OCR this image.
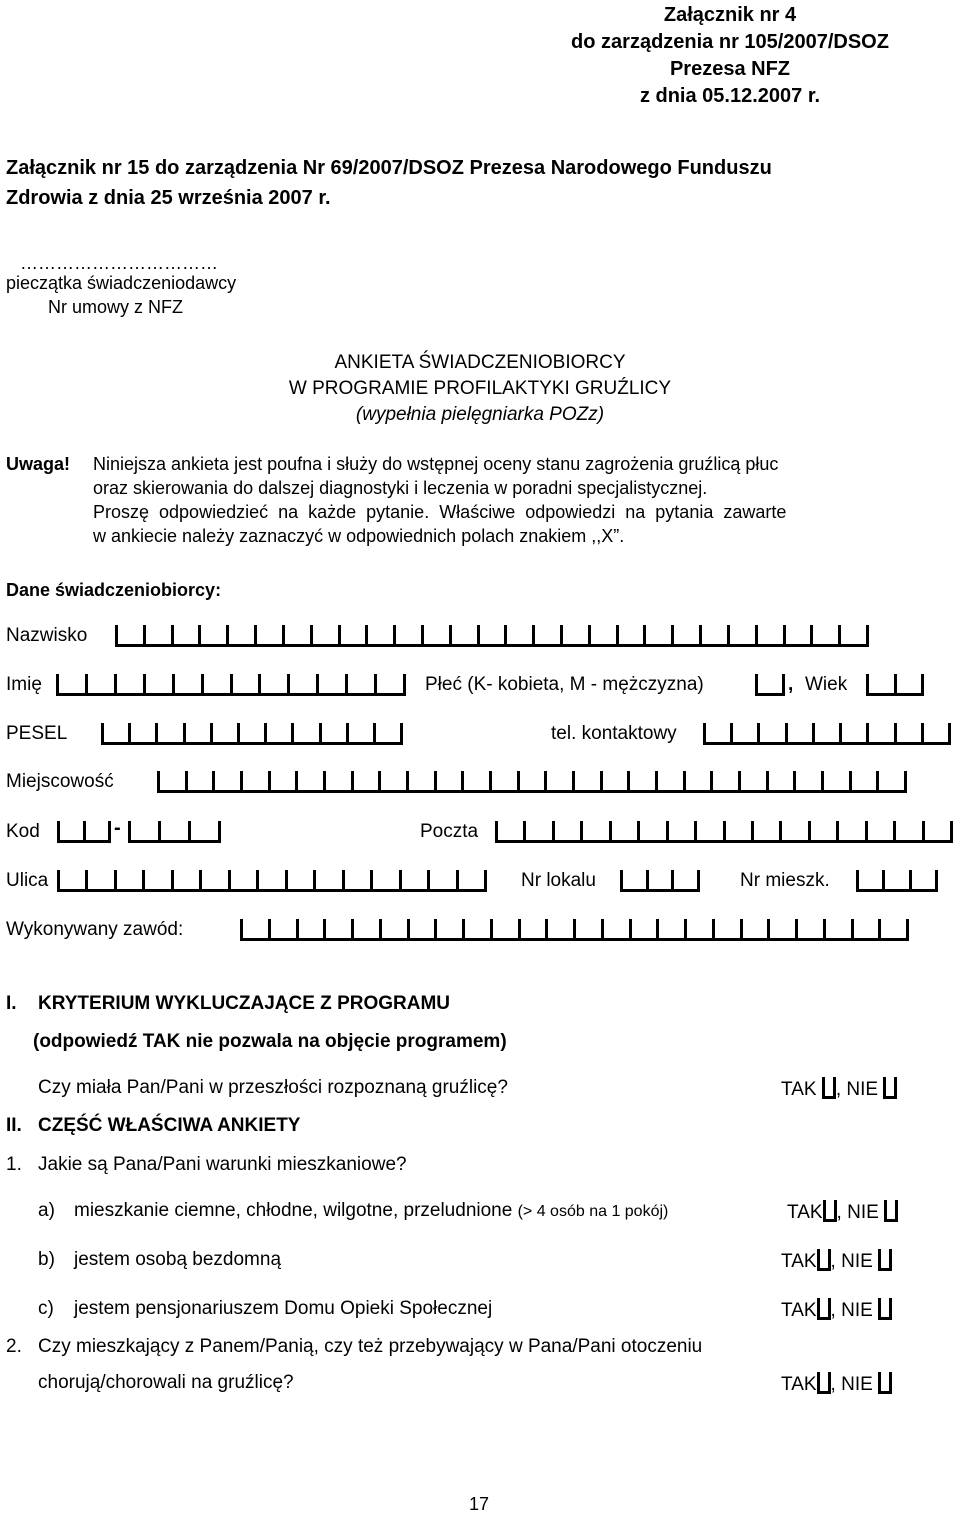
Załącznik nr 4
do zarządzenia nr 105/2007/DSOZ
Prezesa NFZ
z dnia 05.12.2007 r.
Załącznik nr 15 do zarządzenia Nr 69/2007/DSOZ Prezesa Narodowego Funduszu
Zdrowia z dnia 25 września 2007 r.
……………………………
pieczątka świadczeniodawcy
Nr umowy z NFZ
ANKIETA ŚWIADCZENIOBIORCY
W PROGRAMIE PROFILAKTYKI GRUŹLICY
(wypełnia pielęgniarka POZz)
Uwaga! Niniejsza ankieta jest poufna i służy do wstępnej oceny stanu zagrożenia gruźlicą płuc
oraz skierowania do dalszej diagnostyki i leczenia w poradni specjalistycznej.
Proszę odpowiedzieć na każde pytanie. Właściwe odpowiedzi na pytania zawarte
w ankiecie należy zaznaczyć w odpowiednich polach znakiem ,,X”.
Dane świadczeniobiorcy:
Nazwisko
Imię	Płeć (K- kobieta, M - mężczyzna)	, Wiek
PESEL	tel. kontaktowy
Miejscowość
Kod	-	Poczta
Ulica	Nr lokalu	Nr mieszk.
Wykonywany zawód:
I. KRYTERIUM WYKLUCZAJĄCE Z PROGRAMU
(odpowiedź TAK nie pozwala na objęcie programem)
Czy miała Pan/Pani w przeszłości rozpoznaną gruźlicę?	TAK , NIE
II. CZĘŚĆ WŁAŚCIWA ANKIETY
1. Jakie są Pana/Pani warunki mieszkaniowe?
a) mieszkanie ciemne, chłodne, wilgotne, przeludnione (> 4 osób na 1 pokój)	TAK , NIE
b) jestem osobą bezdomną	TAK , NIE
c) jestem pensjonariuszem Domu Opieki Społecznej	TAK , NIE
2. Czy mieszkający z Panem/Panią, czy też przebywający w Pana/Pani otoczeniu
chorują/chorowali na gruźlicę?	TAK , NIE
17
